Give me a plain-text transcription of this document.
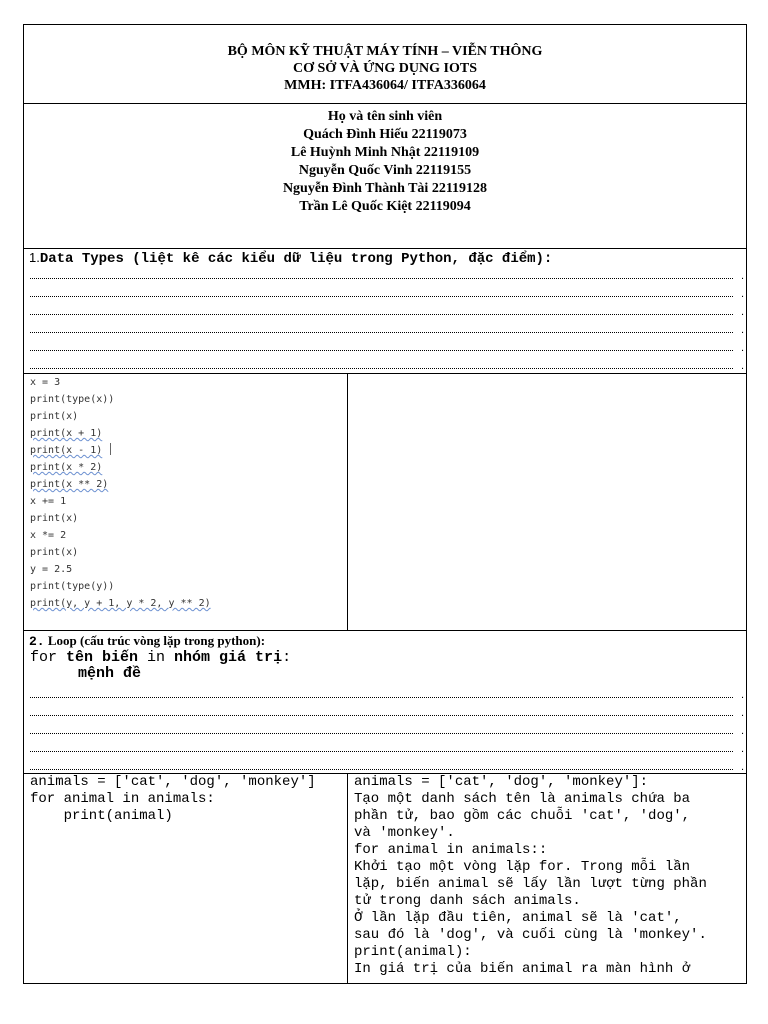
BỘ MÔN KỸ THUẬT MÁY TÍNH – VIỄN THÔNG
CƠ SỞ VÀ ỨNG DỤNG IOTS
MMH: ITFA436064/ ITFA336064
Họ và tên sinh viên
Quách Đình Hiếu 22119073
Lê Huỳnh Minh Nhật 22119109
Nguyễn Quốc Vinh 22119155
Nguyễn Đình Thành Tài 22119128
Trần Lê Quốc Kiệt 22119094
1.Data Types (liệt kê các kiểu dữ liệu trong Python, đặc điểm):
.
.
.
.
.
.
x = 3
print(type(x))
print(x)
print(x + 1)
print(x - 1)
print(x * 2)
print(x ** 2)
x += 1
print(x)
x *= 2
print(x)
y = 2.5
print(type(y))
print(y, y + 1, y * 2, y ** 2)
2. Loop (cấu trúc vòng lặp trong python):
for tên biến in nhóm giá trị:
mệnh đề
.
.
.
.
.
animals = ['cat', 'dog', 'monkey']
for animal in animals:
print(animal)
animals = ['cat', 'dog', 'monkey']:
Tạo một danh sách tên là animals chứa ba
phần tử, bao gồm các chuỗi 'cat', 'dog',
và 'monkey'.
for animal in animals::
Khởi tạo một vòng lặp for. Trong mỗi lần
lặp, biến animal sẽ lấy lần lượt từng phần
tử trong danh sách animals.
Ở lần lặp đầu tiên, animal sẽ là 'cat',
sau đó là 'dog', và cuối cùng là 'monkey'.
print(animal):
In giá trị của biến animal ra màn hình ở
